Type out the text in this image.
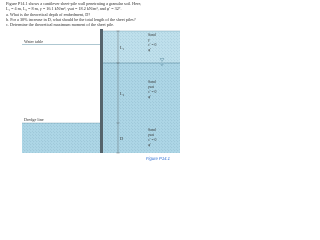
Figure P14.1 shows a cantilever sheet-pile wall penetrating a granular soil. Here,

L₁ = 4 m, L₂ = 8 m, γ = 16.1 kN/m³, γsat = 18.2 kN/m³, and φ′ = 32°.

a. What is the theoretical depth of embedment, D?

b. For a 30% increase in D, what should be the total length of the sheet piles?

c. Determine the theoretical maximum moment of the sheet pile.

L₁
L₂
D
Water table
Dredge line
Sand
γ
c′ = 0
φ′
Sand
γsat
c′ = 0
φ′
Sand
γsat
c′ = 0
φ′
Figure P14.1
